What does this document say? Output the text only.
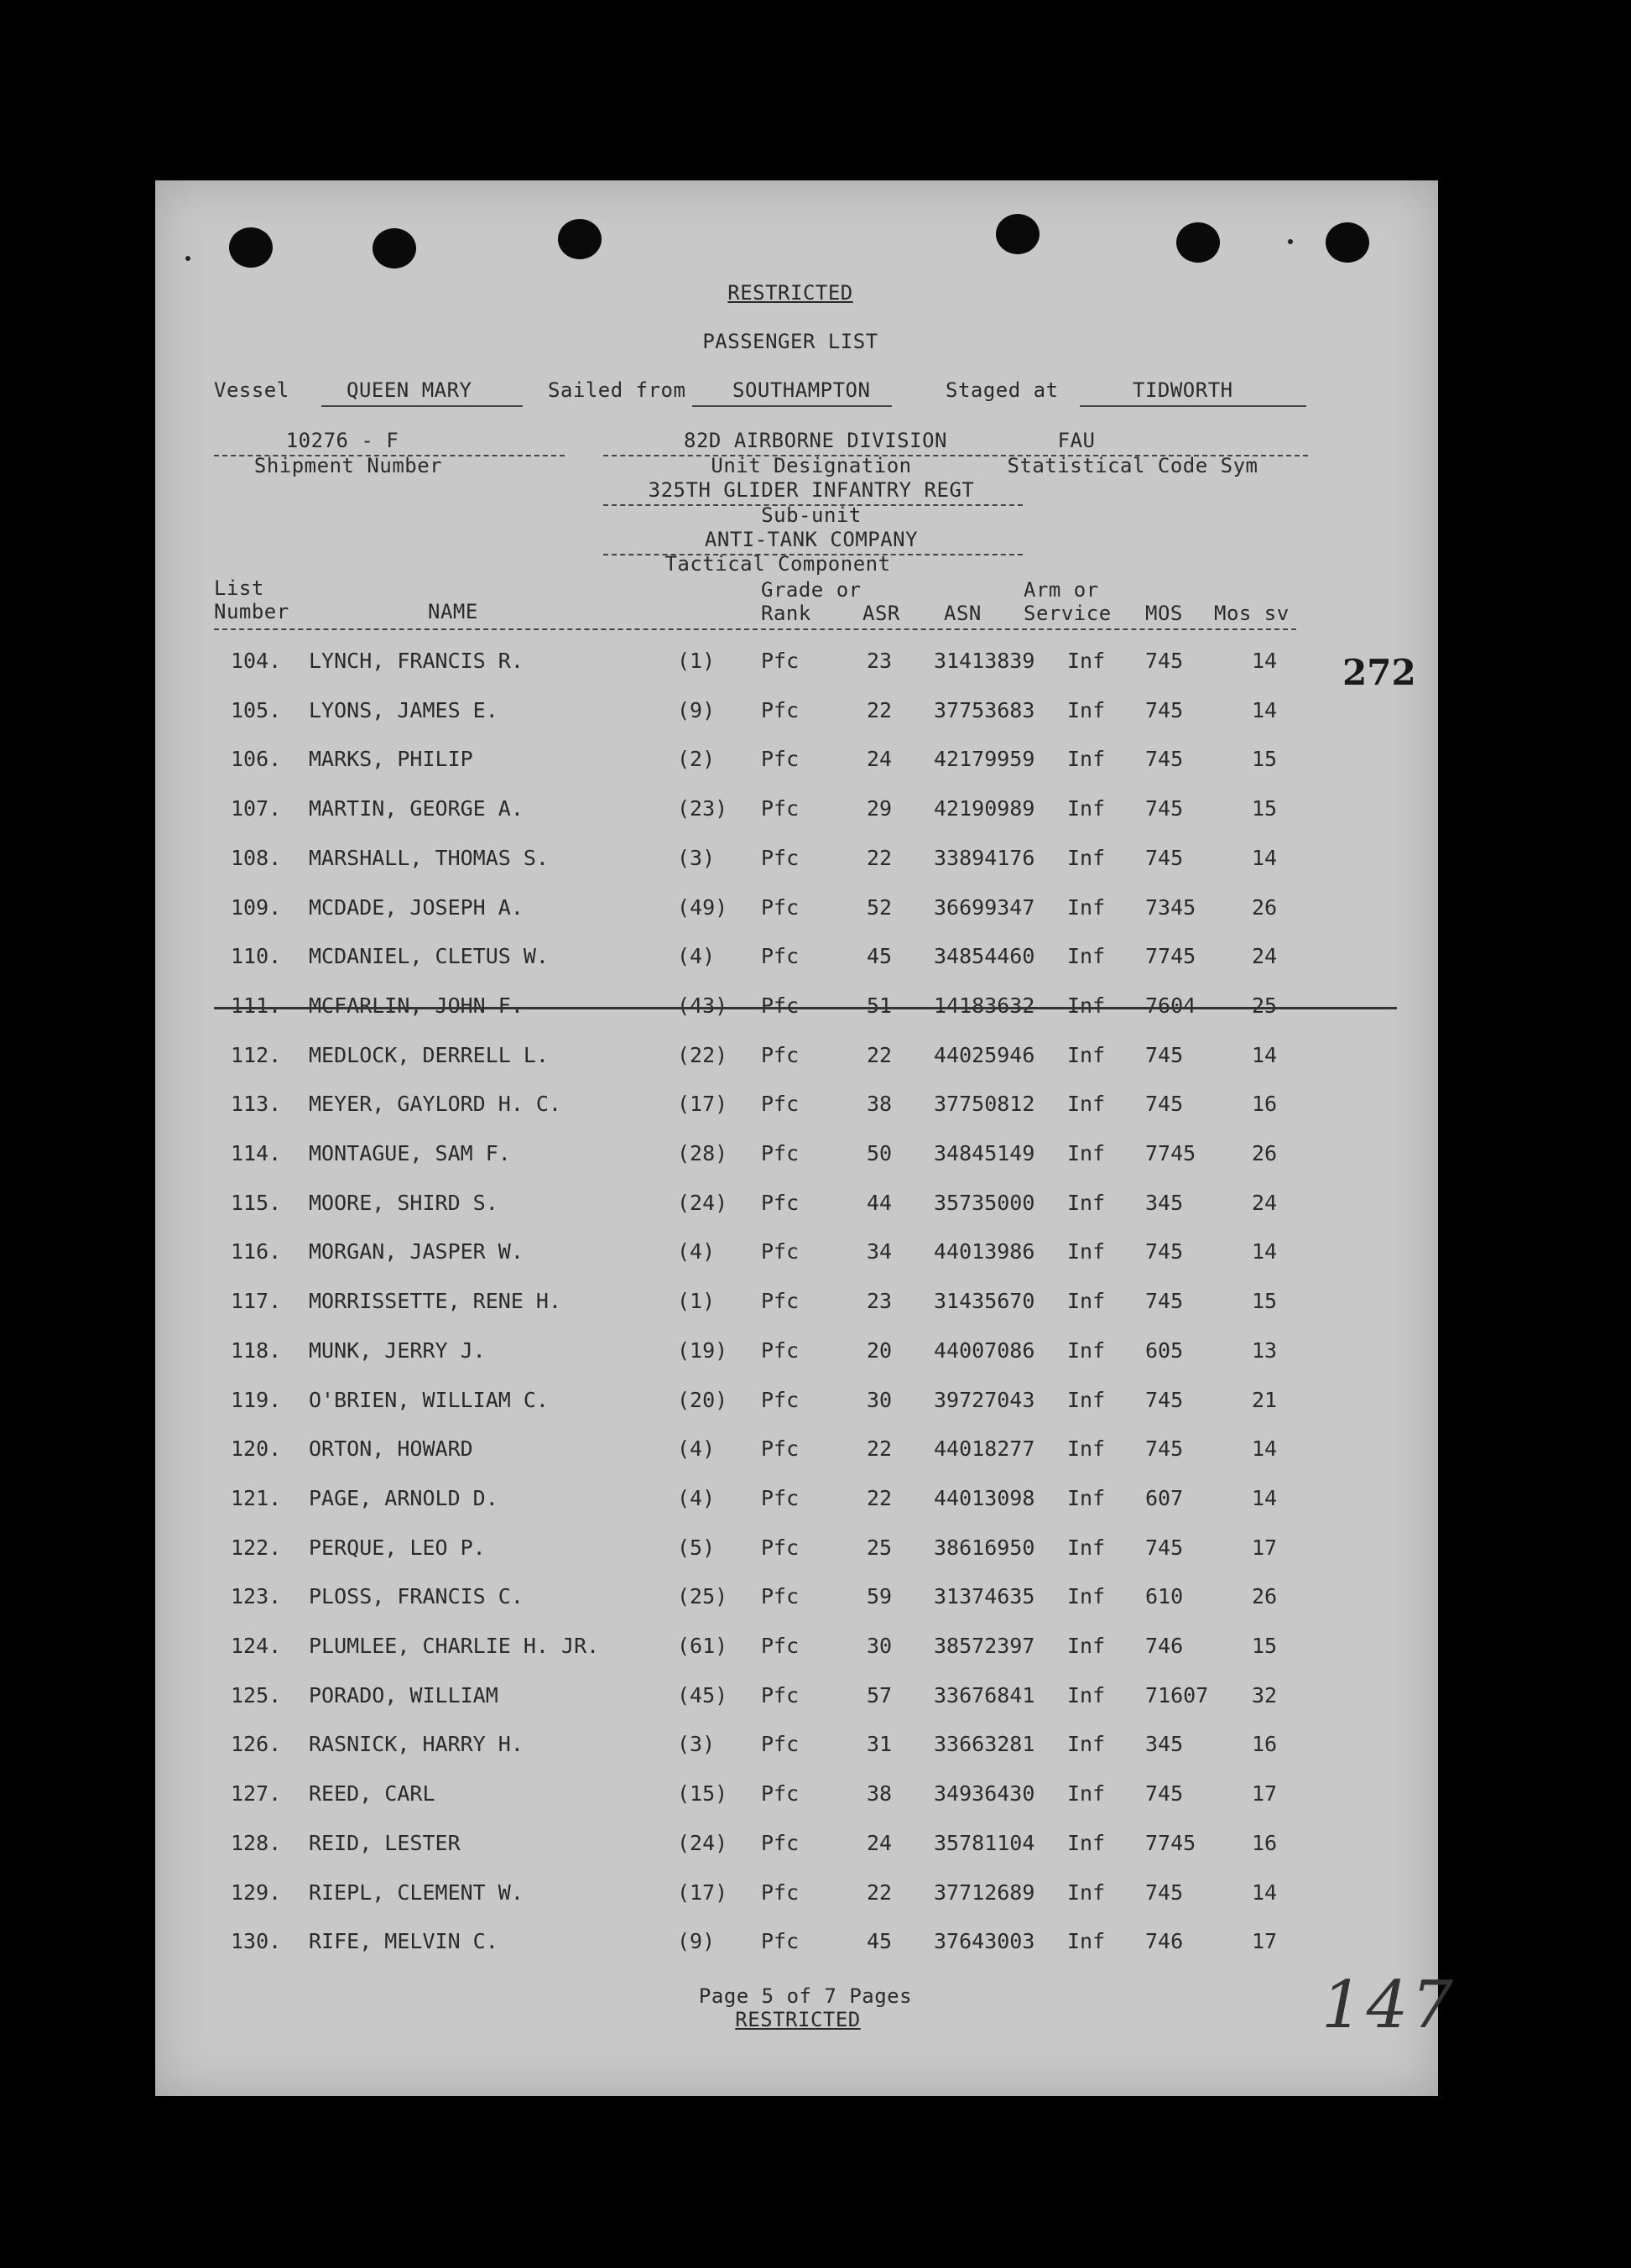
RESTRICTED
PASSENGER LIST
Vessel	QUEEN MARY	Sailed from SOUTHAMPTON	Staged at	TIDWORTH
10276 - F
Shipment Number
82D AIRBORNE DIVISION
Unit Designation
325TH GLIDER INFANTRY REGT
Sub-unit
ANTI-TANK COMPANY
Tactical Component
FAU
Statistical Code Sym
List
Number	NAME
Grade or
Rank	ASR ASN
Arm or
Service MOS Mos sv
104. LYNCH, FRANCIS R.	(1) Pfc	23 31413839 Inf 745	14
105. LYONS, JAMES E.	(9) Pfc	22 37753683 Inf 745	14
106. MARKS, PHILIP	(2) Pfc	24 42179959 Inf 745	15
107. MARTIN, GEORGE A.	(23) Pfc	29 42190989 Inf 745	15
108. MARSHALL, THOMAS S.	(3) Pfc	22 33894176 Inf 745	14
109. MCDADE, JOSEPH A.	(49) Pfc	52 36699347 Inf 7345	26
110. MCDANIEL, CLETUS W.	(4) Pfc	45 34854460 Inf 7745	24
111. MCFARLIN, JOHN F.	(43) Pfc	51 14183632 Inf 7604	25
112. MEDLOCK, DERRELL L.	(22) Pfc	22 44025946 Inf 745	14
113. MEYER, GAYLORD H. C.	(17) Pfc	38 37750812 Inf 745	16
114. MONTAGUE, SAM F.	(28) Pfc	50 34845149 Inf 7745	26
115. MOORE, SHIRD S.	(24) Pfc	44 35735000 Inf 345	24
116. MORGAN, JASPER W.	(4) Pfc	34 44013986 Inf 745	14
117. MORRISSETTE, RENE H.	(1) Pfc	23 31435670 Inf 745	15
118. MUNK, JERRY J.	(19) Pfc	20 44007086 Inf 605	13
119. O'BRIEN, WILLIAM C.	(20) Pfc	30 39727043 Inf 745	21
120. ORTON, HOWARD	(4) Pfc	22 44018277 Inf 745	14
121. PAGE, ARNOLD D.	(4) Pfc	22 44013098 Inf 607	14
122. PERQUE, LEO P.	(5) Pfc	25 38616950 Inf 745	17
123. PLOSS, FRANCIS C.	(25) Pfc	59 31374635 Inf 610	26
124. PLUMLEE, CHARLIE H. JR.	(61) Pfc	30 38572397 Inf 746	15
125. PORADO, WILLIAM	(45) Pfc	57 33676841 Inf 71607 32
126. RASNICK, HARRY H.	(3) Pfc	31 33663281 Inf 345	16
127. REED, CARL	(15) Pfc	38 34936430 Inf 745	17
128. REID, LESTER	(24) Pfc	24 35781104 Inf 7745	16
129. RIEPL, CLEMENT W.	(17) Pfc	22 37712689 Inf 745	14
130. RIFE, MELVIN C.	(9) Pfc	45 37643003 Inf 746	17
Page 5 of 7 Pages
RESTRICTED
272
147
